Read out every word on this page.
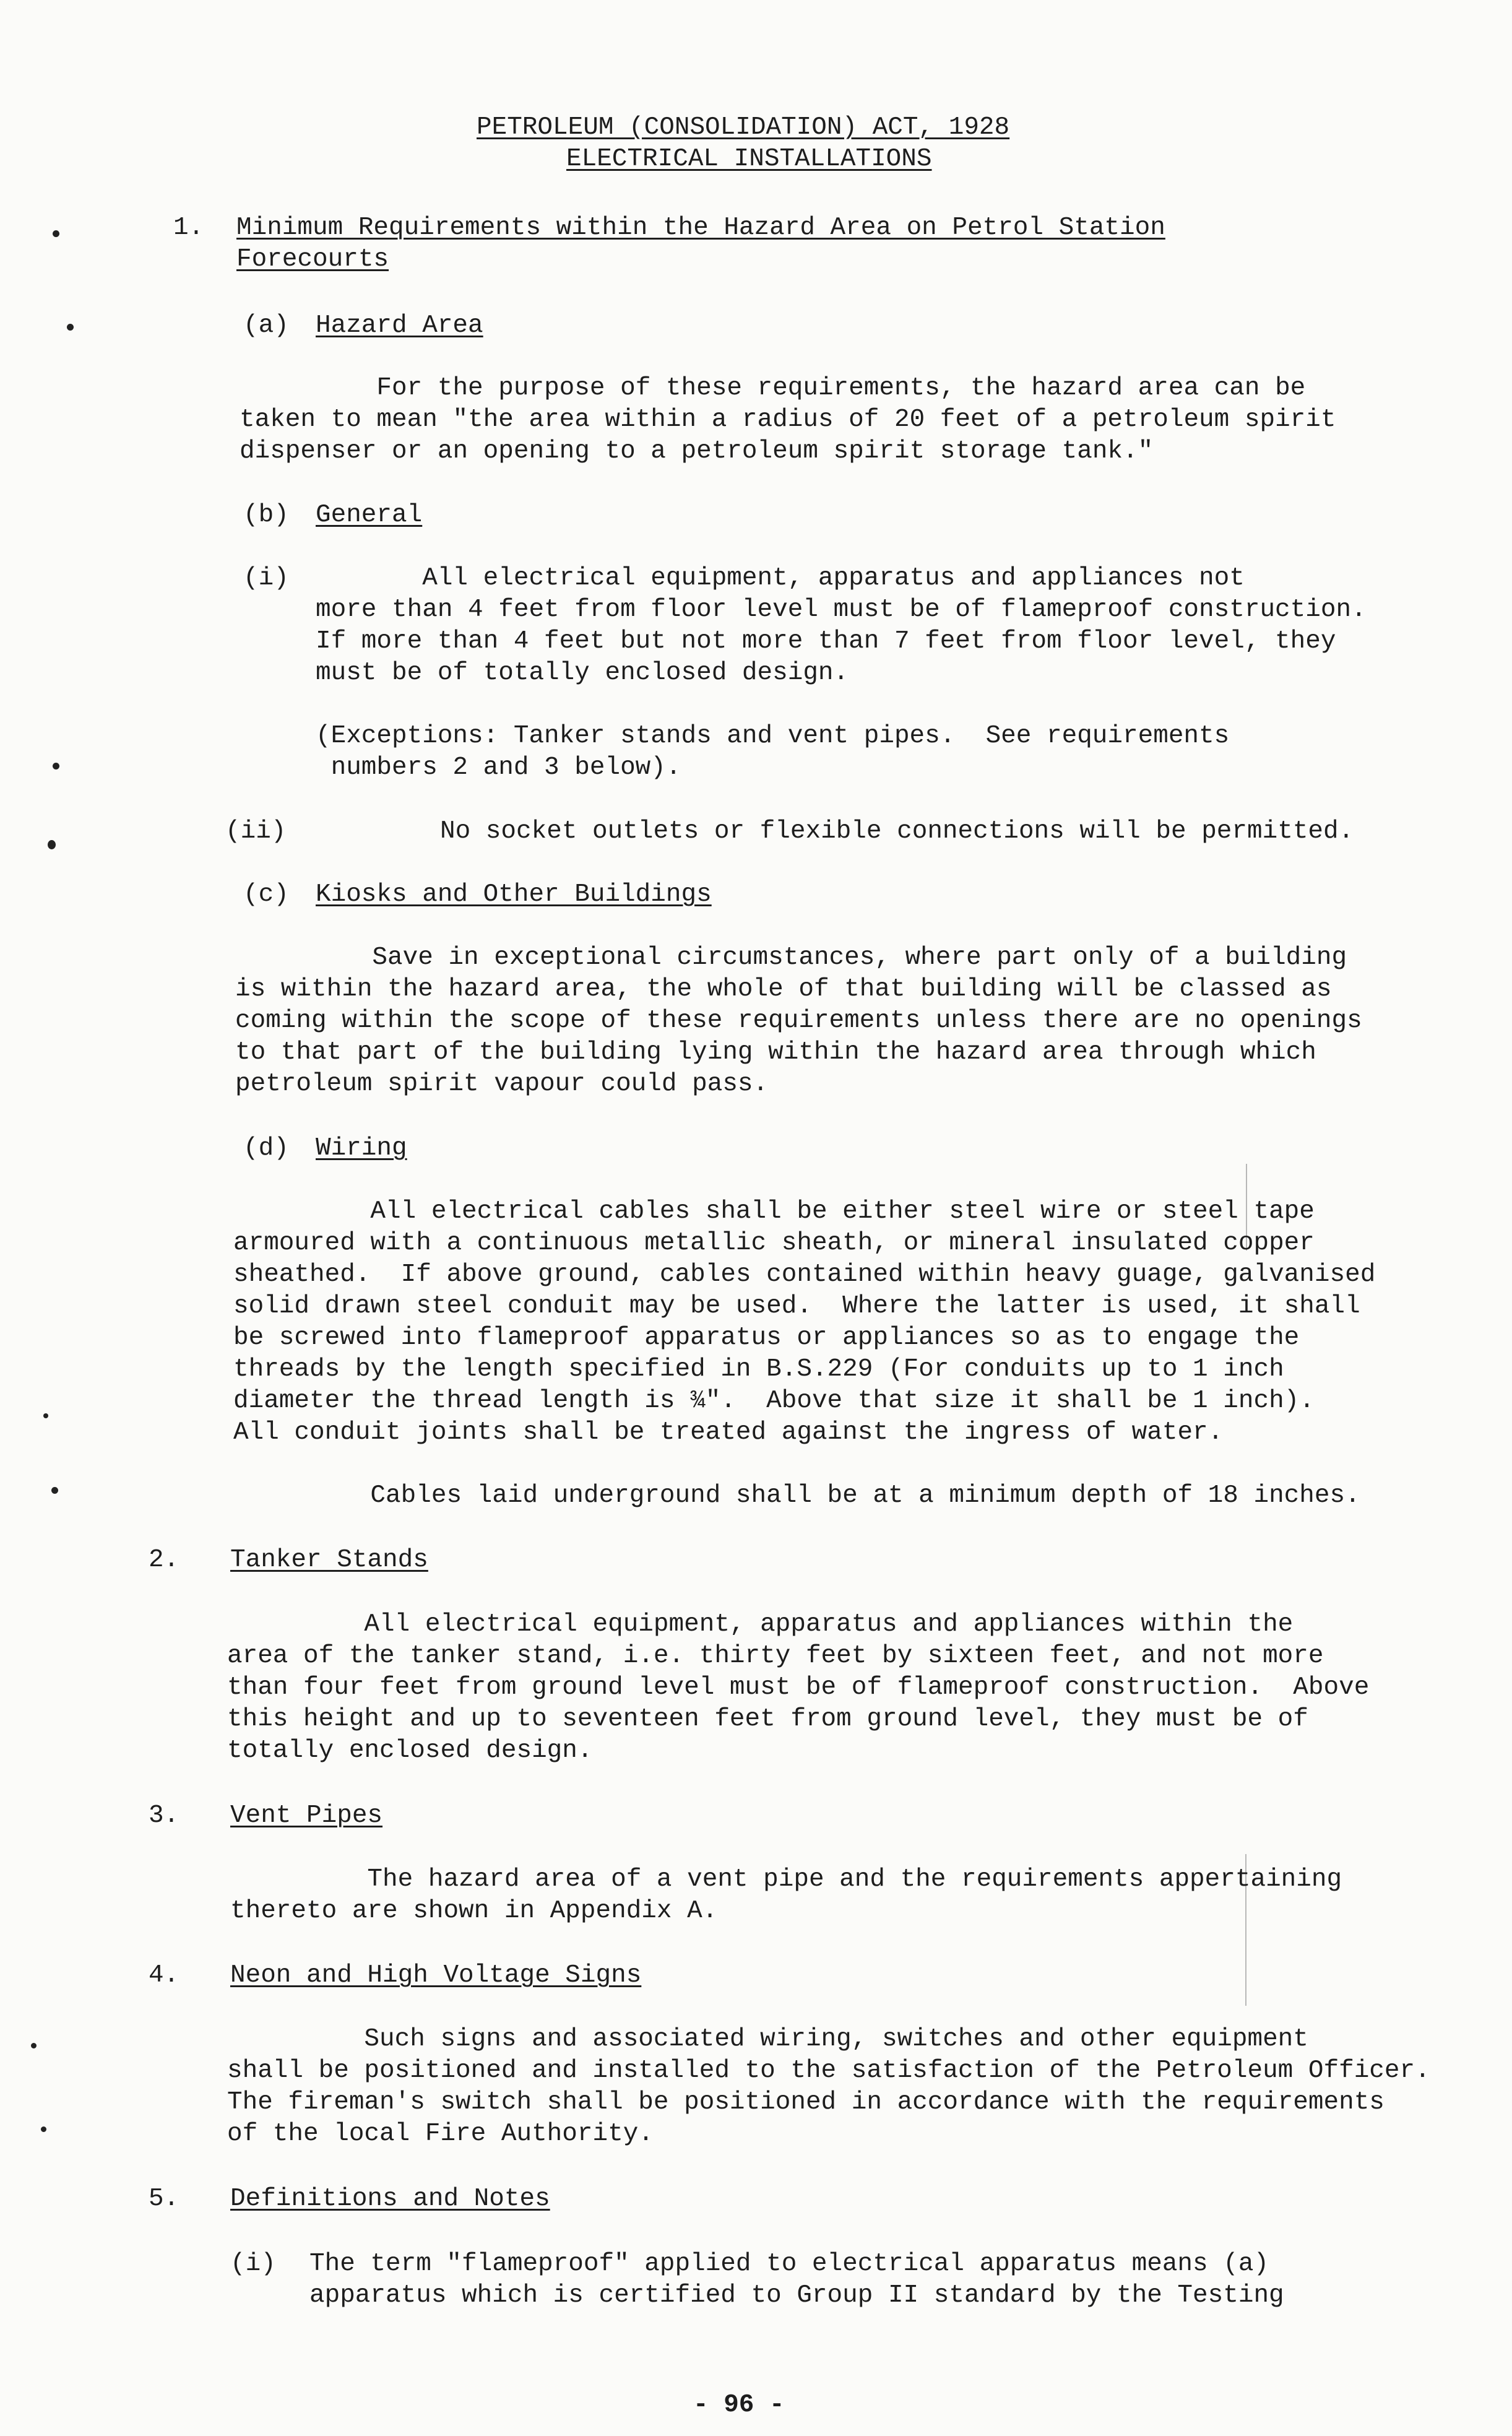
PETROLEUM (CONSOLIDATION) ACT, 1928
ELECTRICAL INSTALLATIONS
1. Minimum Requirements within the Hazard Area on Petrol Station
Forecourts
(a) Hazard Area
For the purpose of these requirements, the hazard area can be
taken to mean "the area within a radius of 20 feet of a petroleum spirit
dispenser or an opening to a petroleum spirit storage tank."
(b) General
(i) All electrical equipment, apparatus and appliances not
more than 4 feet from floor level must be of flameproof construction.
If more than 4 feet but not more than 7 feet from floor level, they
must be of totally enclosed design.
(Exceptions: Tanker stands and vent pipes.  See requirements
numbers 2 and 3 below).
(ii)	No socket outlets or flexible connections will be permitted.
(c) Kiosks and Other Buildings
Save in exceptional circumstances, where part only of a building
is within the hazard area, the whole of that building will be classed as
coming within the scope of these requirements unless there are no openings
to that part of the building lying within the hazard area through which
petroleum spirit vapour could pass.
(d) Wiring
All electrical cables shall be either steel wire or steel tape
armoured with a continuous metallic sheath, or mineral insulated copper
sheathed.  If above ground, cables contained within heavy guage, galvanised
solid drawn steel conduit may be used.  Where the latter is used, it shall
be screwed into flameproof apparatus or appliances so as to engage the
threads by the length specified in B.S.229 (For conduits up to 1 inch
diameter the thread length is ¾".  Above that size it shall be 1 inch).
All conduit joints shall be treated against the ingress of water.
Cables laid underground shall be at a minimum depth of 18 inches.
2. Tanker Stands
All electrical equipment, apparatus and appliances within the
area of the tanker stand, i.e. thirty feet by sixteen feet, and not more
than four feet from ground level must be of flameproof construction.  Above
this height and up to seventeen feet from ground level, they must be of
totally enclosed design.
3. Vent Pipes
The hazard area of a vent pipe and the requirements appertaining
thereto are shown in Appendix A.
4. Neon and High Voltage Signs
Such signs and associated wiring, switches and other equipment
shall be positioned and installed to the satisfaction of the Petroleum Officer.
The fireman's switch shall be positioned in accordance with the requirements
of the local Fire Authority.
5. Definitions and Notes
(i) The term "flameproof" applied to electrical apparatus means (a)
apparatus which is certified to Group II standard by the Testing
- 96 -
